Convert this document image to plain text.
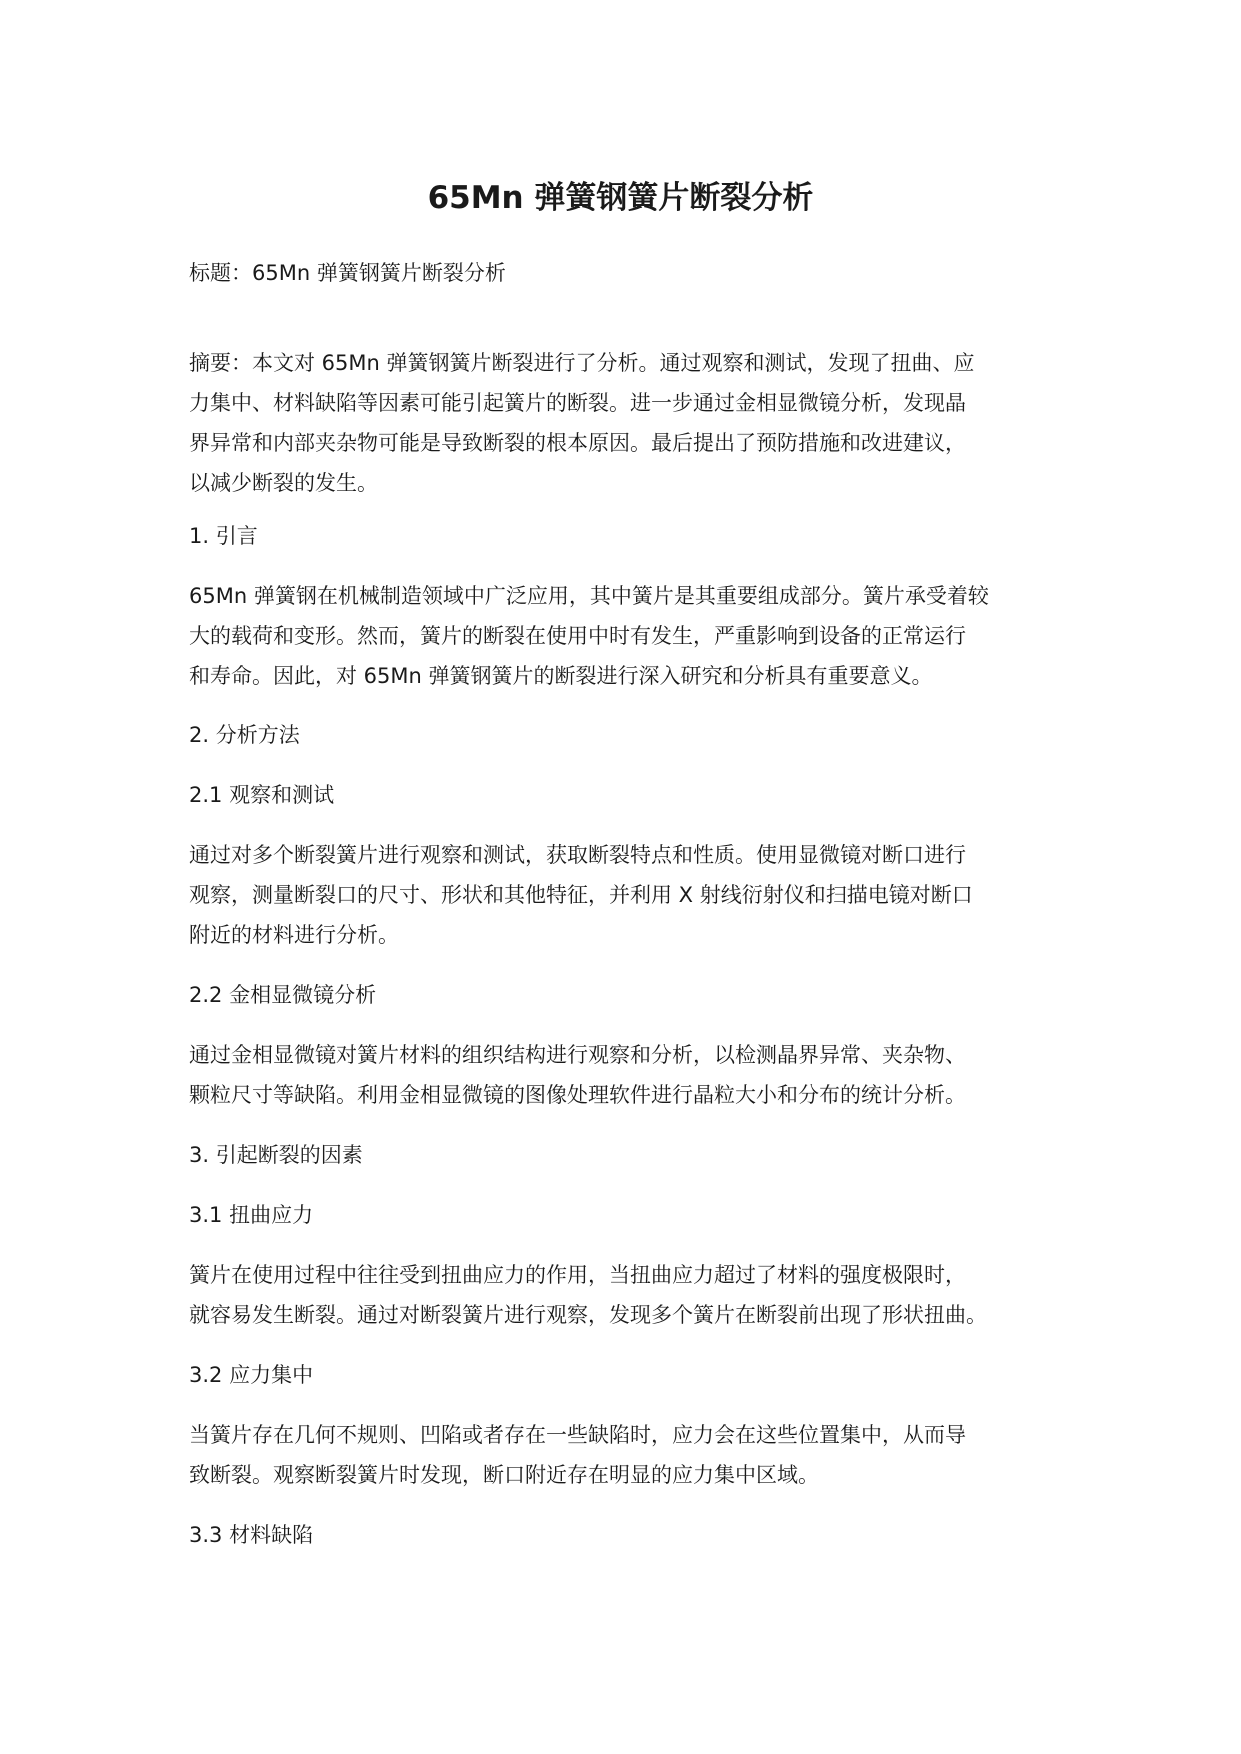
65Mn 弹簧钢簧片断裂分析

标题：65Mn 弹簧钢簧片断裂分析

摘要：本文对 65Mn 弹簧钢簧片断裂进行了分析。通过观察和测试，发现了扭曲、应
力集中、材料缺陷等因素可能引起簧片的断裂。进一步通过金相显微镜分析，发现晶
界异常和内部夹杂物可能是导致断裂的根本原因。最后提出了预防措施和改进建议，
以减少断裂的发生。

1. 引言

65Mn 弹簧钢在机械制造领域中广泛应用，其中簧片是其重要组成部分。簧片承受着较
大的载荷和变形。然而，簧片的断裂在使用中时有发生，严重影响到设备的正常运行
和寿命。因此，对 65Mn 弹簧钢簧片的断裂进行深入研究和分析具有重要意义。

2. 分析方法

2.1 观察和测试

通过对多个断裂簧片进行观察和测试，获取断裂特点和性质。使用显微镜对断口进行
观察，测量断裂口的尺寸、形状和其他特征，并利用 X 射线衍射仪和扫描电镜对断口
附近的材料进行分析。

2.2 金相显微镜分析

通过金相显微镜对簧片材料的组织结构进行观察和分析，以检测晶界异常、夹杂物、
颗粒尺寸等缺陷。利用金相显微镜的图像处理软件进行晶粒大小和分布的统计分析。

3. 引起断裂的因素

3.1 扭曲应力

簧片在使用过程中往往受到扭曲应力的作用，当扭曲应力超过了材料的强度极限时，
就容易发生断裂。通过对断裂簧片进行观察，发现多个簧片在断裂前出现了形状扭曲。

3.2 应力集中

当簧片存在几何不规则、凹陷或者存在一些缺陷时，应力会在这些位置集中，从而导
致断裂。观察断裂簧片时发现，断口附近存在明显的应力集中区域。

3.3 材料缺陷
